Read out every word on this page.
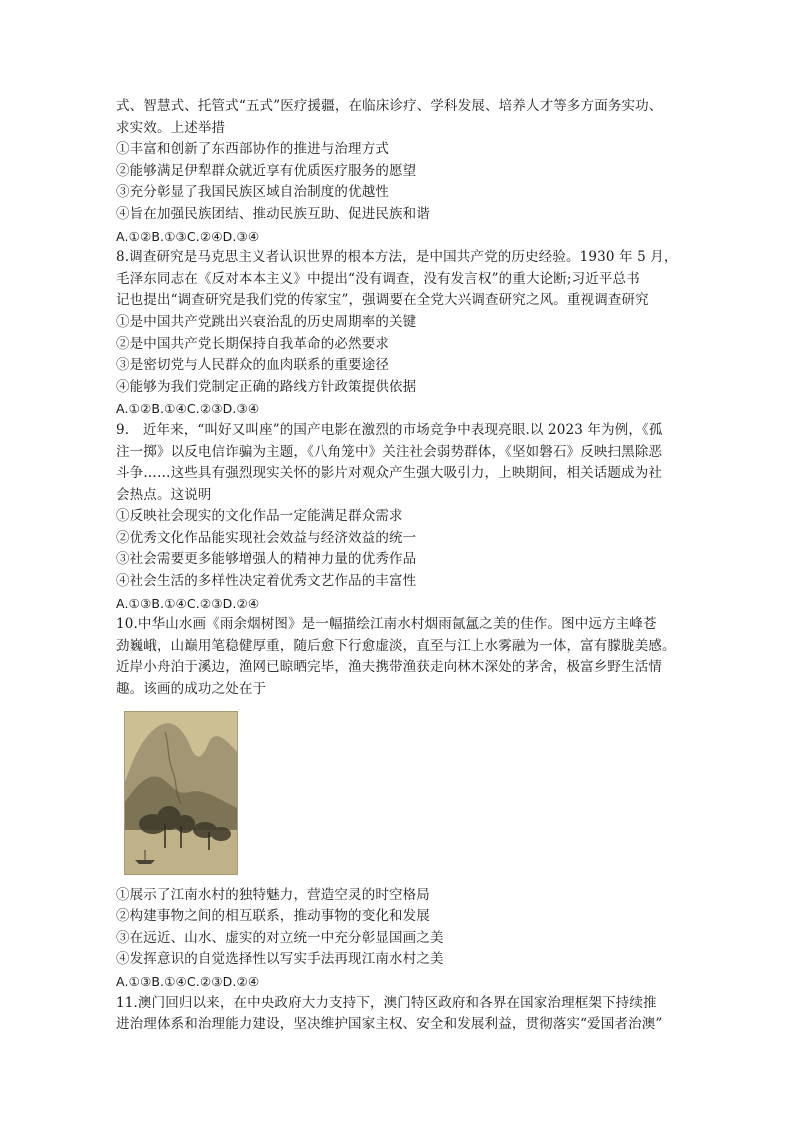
式、智慧式、托管式“五式”医疗援疆，在临床诊疗、学科发展、培养人才等多方面务实功、
求实效。上述举措
①丰富和创新了东西部协作的推进与治理方式
②能够满足伊犁群众就近享有优质医疗服务的愿望
③充分彰显了我国民族区域自治制度的优越性
④旨在加强民族团结、推动民族互助、促进民族和谐
A.①②B.①③C.②④D.③④
8.调查研究是马克思主义者认识世界的根本方法，是中国共产党的历史经验。1930 年 5 月，
毛泽东同志在《反对本本主义》中提出“没有调查，没有发言权”的重大论断;习近平总书
记也提出“调查研究是我们党的传家宝”，强调要在全党大兴调查研究之风。重视调查研究
①是中国共产党跳出兴衰治乱的历史周期率的关键
②是中国共产党长期保持自我革命的必然要求
③是密切党与人民群众的血肉联系的重要途径
④能够为我们党制定正确的路线方针政策提供依据
A.①②B.①④C.②③D.③④
9.　近年来，“叫好又叫座”的国产电影在激烈的市场竞争中表现亮眼.以 2023 年为例，《孤
注一掷》以反电信诈骗为主题，《八角笼中》关注社会弱势群体，《坚如磐石》反映扫黑除恶
斗争……这些具有强烈现实关怀的影片对观众产生强大吸引力，上映期间，相关话题成为社
会热点。这说明
①反映社会现实的文化作品一定能满足群众需求
②优秀文化作品能实现社会效益与经济效益的统一
③社会需要更多能够增强人的精神力量的优秀作品
④社会生活的多样性决定着优秀文艺作品的丰富性
A.①③B.①④C.②③D.②④
10.中华山水画《雨余烟树图》是一幅描绘江南水村烟雨氤氲之美的佳作。图中远方主峰苍
劲巍峨，山巅用笔稳健厚重，随后愈下行愈虚淡，直至与江上水雾融为一体，富有朦胧美感。
近岸小舟泊于溪边，渔网已晾晒完毕，渔夫携带渔获走向林木深处的茅舍，极富乡野生活情
趣。该画的成功之处在于
①展示了江南水村的独特魅力，营造空灵的时空格局
②构建事物之间的相互联系，推动事物的变化和发展
③在远近、山水、虚实的对立统一中充分彰显国画之美
④发挥意识的自觉选择性以写实手法再现江南水村之美
A.①③B.①④C.②③D.②④
11.澳门回归以来，在中央政府大力支持下，澳门特区政府和各界在国家治理框架下持续推
进治理体系和治理能力建设，坚决维护国家主权、安全和发展利益，贯彻落实“爱国者治澳”
